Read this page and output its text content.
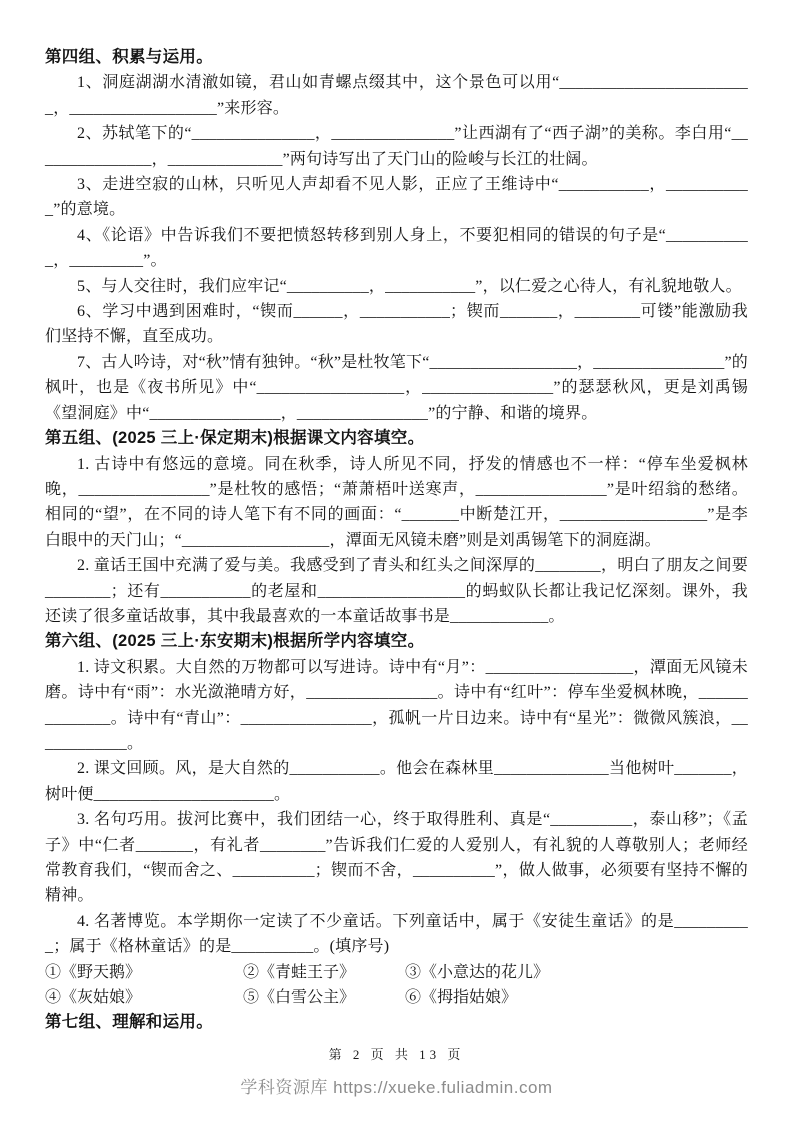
第四组、积累与运用。

1、洞庭湖湖水清澈如镜，君山如青螺点缀其中，这个景色可以用“________________________，__________________”来形容。

2、苏轼笔下的“_______________，_______________”让西湖有了“西子湖”的美称。李白用“_______________，______________”两句诗写出了天门山的险峻与长江的壮阔。

3、走进空寂的山林，只听见人声却看不见人影，正应了王维诗中“___________，___________”的意境。

4、《论语》中告诉我们不要把愤怒转移到别人身上，不要犯相同的错误的句子是“___________，_________”。

5、与人交往时，我们应牢记“__________，___________”，以仁爱之心待人，有礼貌地敬人。

6、学习中遇到困难时，“锲而______，___________；锲而_______，________可镂”能激励我们坚持不懈，直至成功。

7、古人吟诗，对“秋”情有独钟。“秋”是杜牧笔下“__________________，________________”的枫叶，也是《夜书所见》中“__________________，________________”的瑟瑟秋风，更是刘禹锡《望洞庭》中“________________，________________”的宁静、和谐的境界。

第五组、(2025 三上·保定期末)根据课文内容填空。

1. 古诗中有悠远的意境。同在秋季，诗人所见不同，抒发的情感也不一样：“停车坐爱枫林晚，________________”是杜牧的感悟；“萧萧梧叶送寒声，________________”是叶绍翁的愁绪。相同的“望”，在不同的诗人笔下有不同的画面：“_______中断楚江开，__________________”是李白眼中的天门山；“__________________，潭面无风镜未磨”则是刘禹锡笔下的洞庭湖。

2. 童话王国中充满了爱与美。我感受到了青头和红头之间深厚的________，明白了朋友之间要________；还有___________的老屋和__________________的蚂蚁队长都让我记忆深刻。课外，我还读了很多童话故事，其中我最喜欢的一本童话故事书是____________。

第六组、(2025 三上·东安期末)根据所学内容填空。

1. 诗文积累。大自然的万物都可以写进诗。诗中有“月”：__________________，潭面无风镜未磨。诗中有“雨”：水光潋滟晴方好，________________。诗中有“红叶”：停车坐爱枫林晚，______________。诗中有“青山”：________________，孤帆一片日边来。诗中有“星光”：微微风簇浪，____________。

2. 课文回顾。风，是大自然的___________。他会在森林里______________当他树叶_______，树叶便______________________。

3. 名句巧用。拔河比赛中，我们团结一心，终于取得胜利、真是“__________，泰山移”；《孟子》中“仁者_______，有礼者________”告诉我们仁爱的人爱别人，有礼貌的人尊敬别人；老师经常教育我们，“锲而舍之、__________；锲而不舍，__________”，做人做事，必须要有坚持不懈的精神。

4. 名著博览。本学期你一定读了不少童话。下列童话中，属于《安徒生童话》的是__________；属于《格林童话》的是__________。(填序号)

①《野天鹅》	②《青蛙王子》	③《小意达的花儿》
④《灰姑娘》	⑤《白雪公主》	⑥《拇指姑娘》
第七组、理解和运用。

第 2 页 共 13 页

学科资源库 https://xueke.fuliadmin.com
